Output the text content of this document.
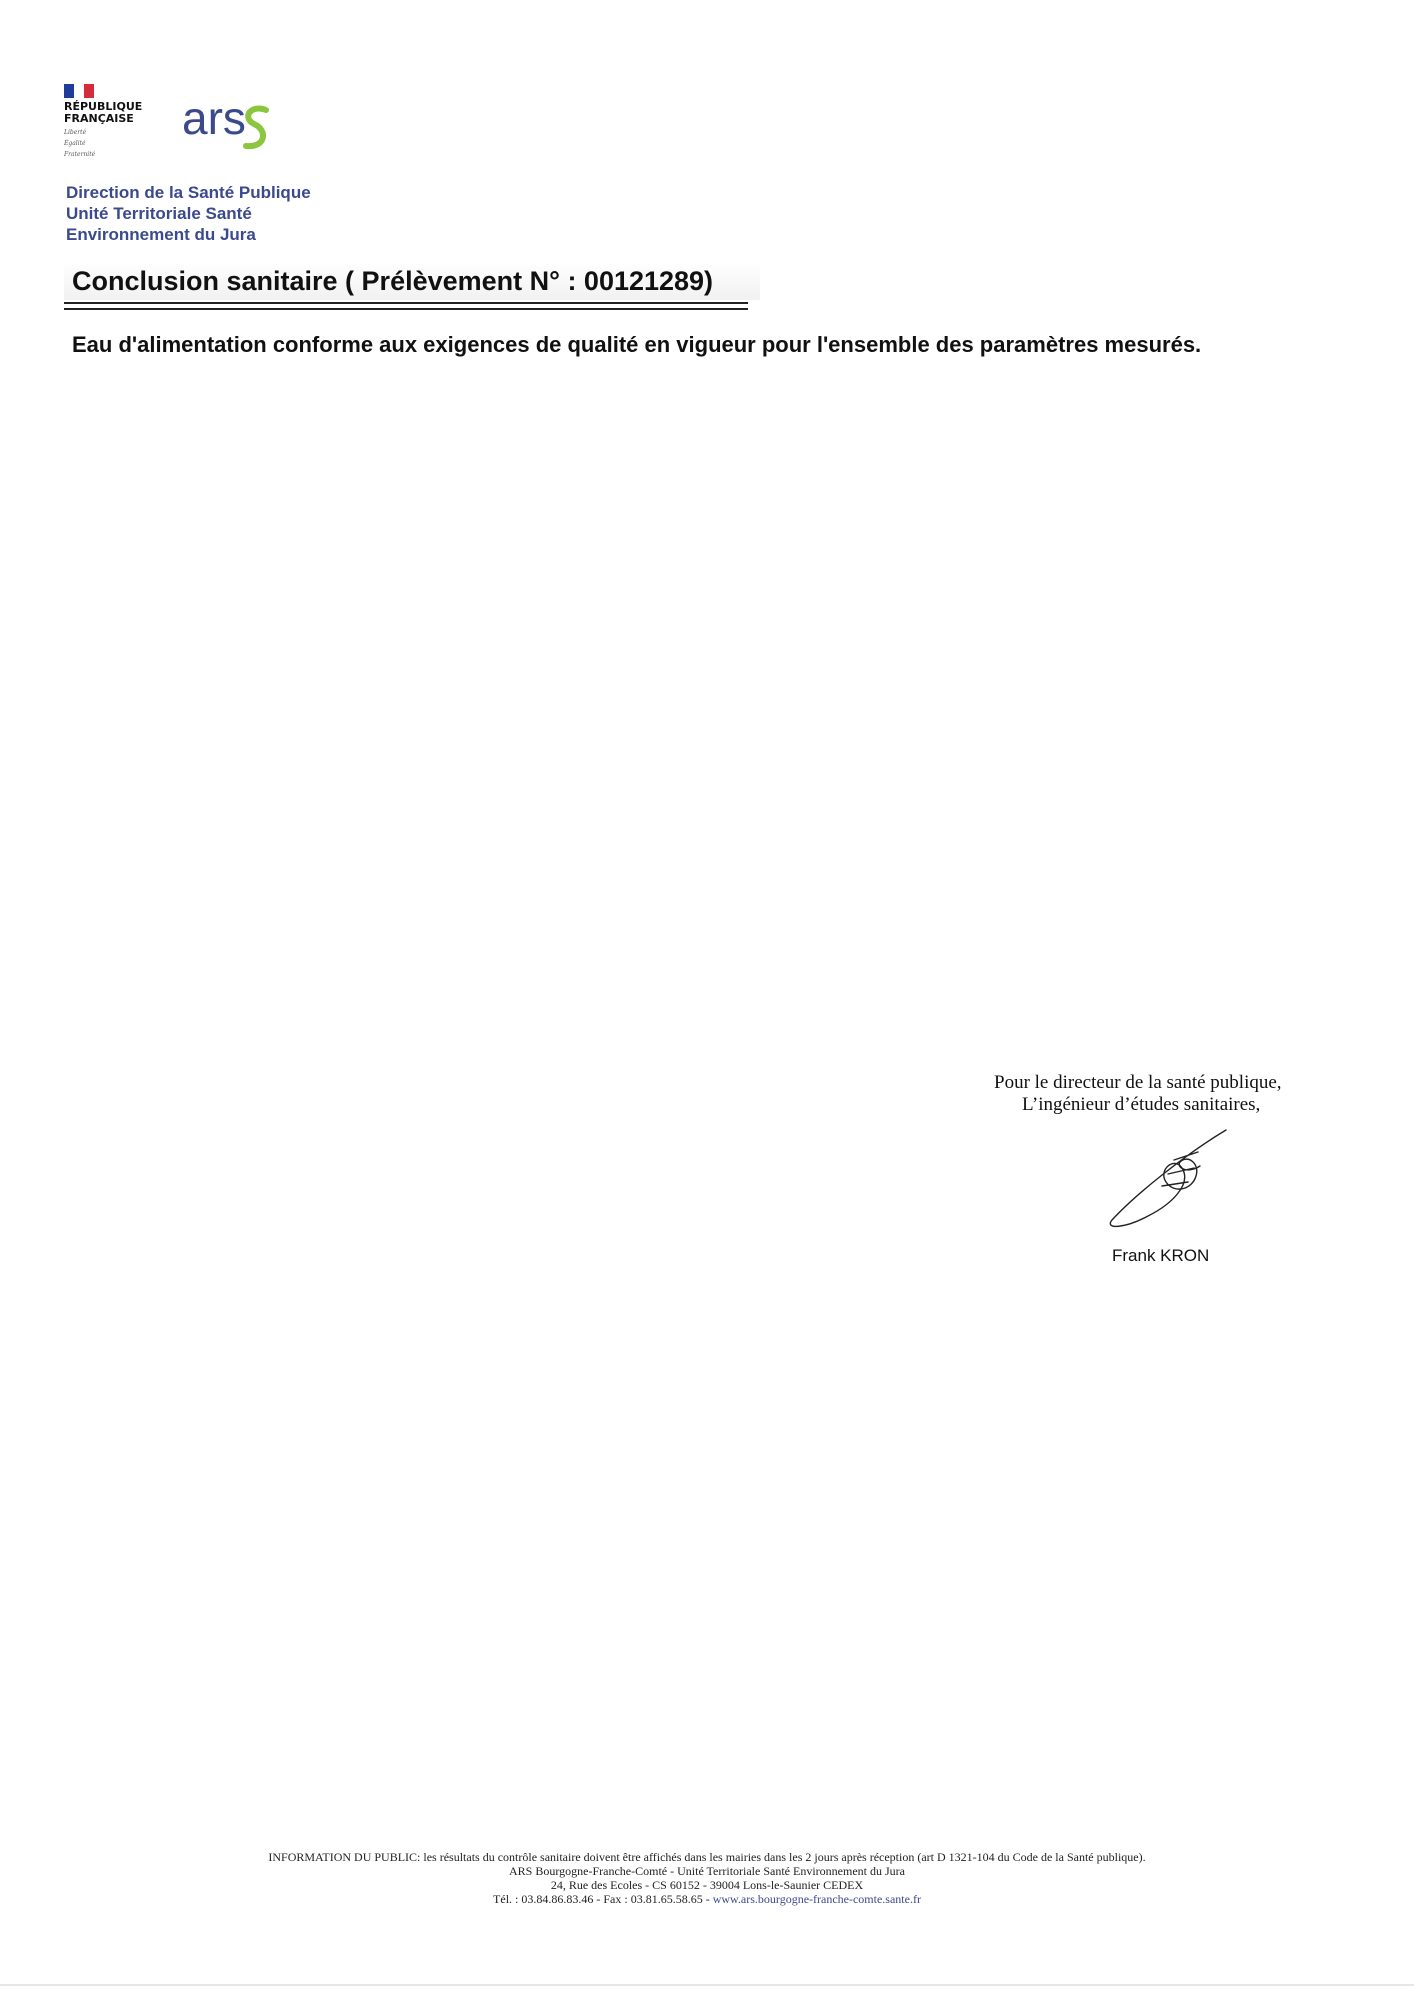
RÉPUBLIQUE
FRANÇAISE
Liberté
Égalité
Fraternité
ars
Direction de la Santé Publique
Unité Territoriale Santé
Environnement du Jura
Conclusion sanitaire ( Prélèvement N° : 00121289)
Eau d'alimentation conforme aux exigences de qualité en vigueur pour l'ensemble des paramètres mesurés.
Pour le directeur de la santé publique,
L’ingénieur d’études sanitaires,
Frank KRON
INFORMATION DU PUBLIC: les résultats du contrôle sanitaire doivent être affichés dans les mairies dans les 2 jours après réception (art D 1321-104 du Code de la Santé publique).
ARS Bourgogne-Franche-Comté - Unité Territoriale Santé Environnement du Jura
24, Rue des Ecoles - CS 60152 - 39004 Lons-le-Saunier CEDEX
Tél. : 03.84.86.83.46 - Fax : 03.81.65.58.65 - www.ars.bourgogne-franche-comte.sante.fr
